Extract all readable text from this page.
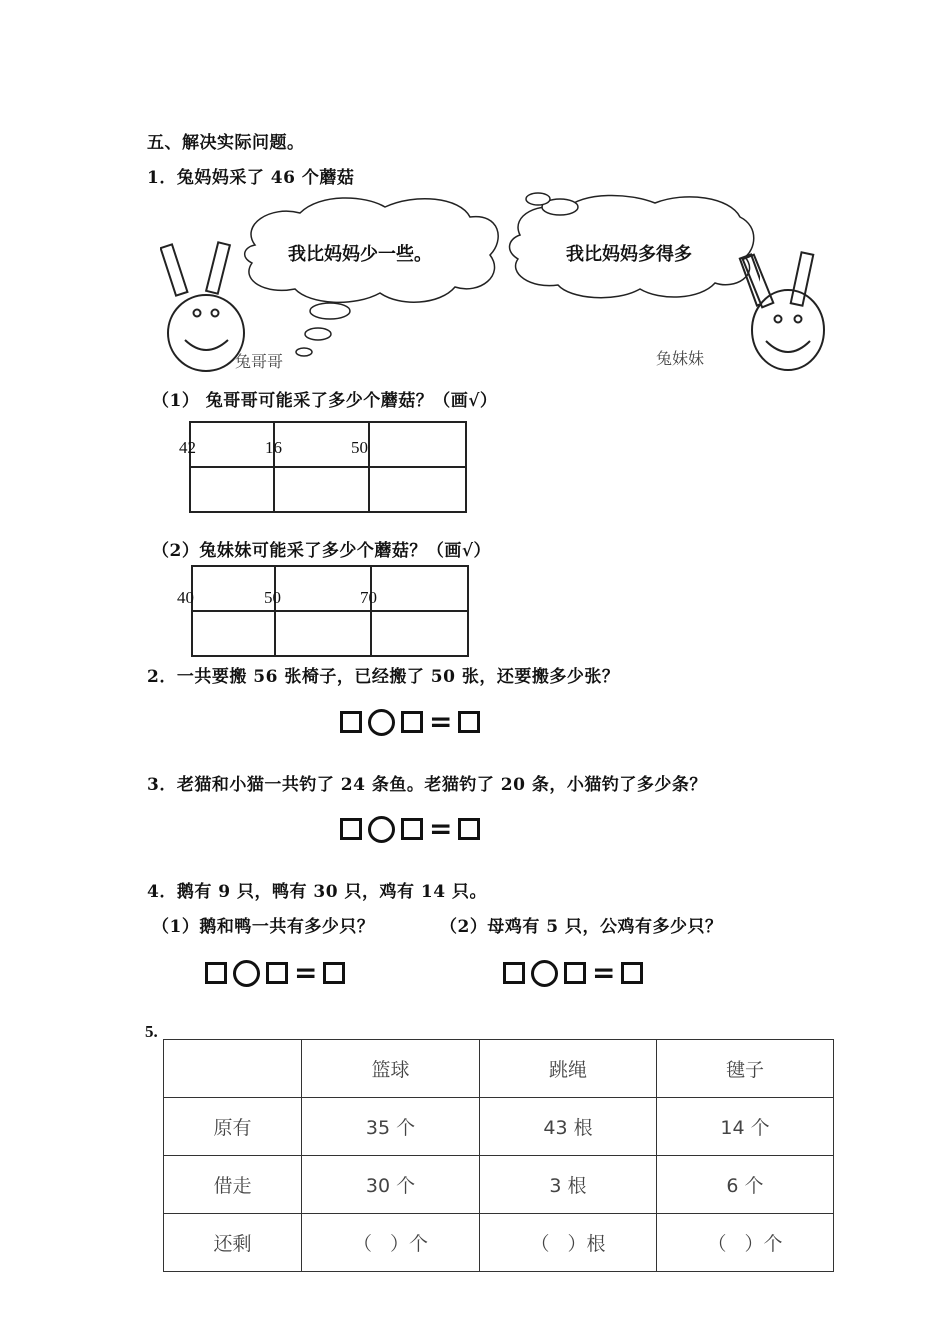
五、解决实际问题。
1．兔妈妈采了 46 个蘑菇
我比妈妈少一些。	我比妈妈多得多
兔哥哥	兔妹妹
（1） 兔哥哥可能采了多少个蘑菇？（画√）

42	16	50
（2）兔妹妹可能采了多少个蘑菇？（画√）

40	50	70
2．一共要搬 56 张椅子，已经搬了 50 张，还要搬多少张？
=
3．老猫和小猫一共钓了 24 条鱼。老猫钓了 20 条，小猫钓了多少条？
=
4．鹅有 9 只，鸭有 30 只，鸡有 14 只。
（1）鹅和鸭一共有多少只？	（2）母鸡有 5 只，公鸡有多少只？
=	=
5.
	篮球	跳绳	毽子
原有	35 个	43 根	14 个
借走	30 个	3 根	6 个
还剩	（   ）个	（   ）根	（   ）个
